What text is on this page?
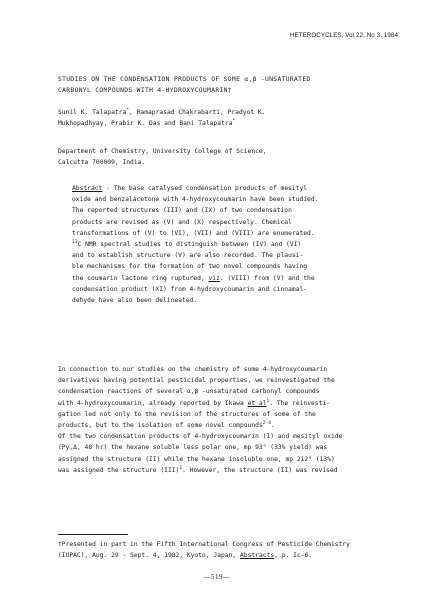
HETEROCYCLES, Vol 22, No 3, 1984
STUDIES ON THE CONDENSATION PRODUCTS OF SOME α,β -UNSATURATED
CARBONYL COMPOUNDS WITH 4-HYDROXYCOUMARIN†
Sunil K. Talapatra*, Ramaprasad Chakrabarti, Pradyot K.
Mukhopadhyay, Prabir K. Das and Bani Talapatra*
Department of Chemistry, University College of Science,
Calcutta 700009, India.
Abstract - The base catalysed condensation products of mesityl
oxide and benzalacetone with 4-hydroxycoumarin have been studied.
The reported structures (III) and (IX) of two condensation
products are revised as (V) and (X) respectively. Chemical
transformations of (V) to (VI), (VII) and (VIII) are enumerated.
$^{13}$C NMR spectral studies to distinguish between (IV) and (VI)
and to establish structure (V) are also recorded. The plausi-
ble mechanisms for the formation of two novel compounds having
the coumarin lactone ring ruptured, viz. (VIII) from (V) and the
condensation product (XI) from 4-hydroxycoumarin and cinnamal-
dehyde have also been delineated.
In connection to our studies on the chemistry of some 4-hydroxycoumarin
derivatives having potential pesticidal properties, we reinvestigated the
condensation reactions of several α,β -unsaturated carbonyl compounds
with 4-hydroxycoumarin, already reported by Ikawa et $al^1$. The reinvesti-
gation led not only to the revision of the structures of some of the
products, but to the isolation of some novel compounds$^{2-4}$.
Of the two condensation products of 4-hydroxycoumarin (I) and mesityl oxide
(Py,Δ, 48 hr) the hexane soluble less polar one, mp 93° (33% yield) was
assigned the structure (II) while the hexane insoluble one, mp 212° (13%)
was assigned the structure (III)$^1$. However, the structure (II) was revised
†Presented in part in the Fifth International Congress of Pesticide Chemistry
(IUPAC), Aug. 29 - Sept. 4, 1982, Kyoto, Japan, Abstracts, p. Ic-6.
—519—
